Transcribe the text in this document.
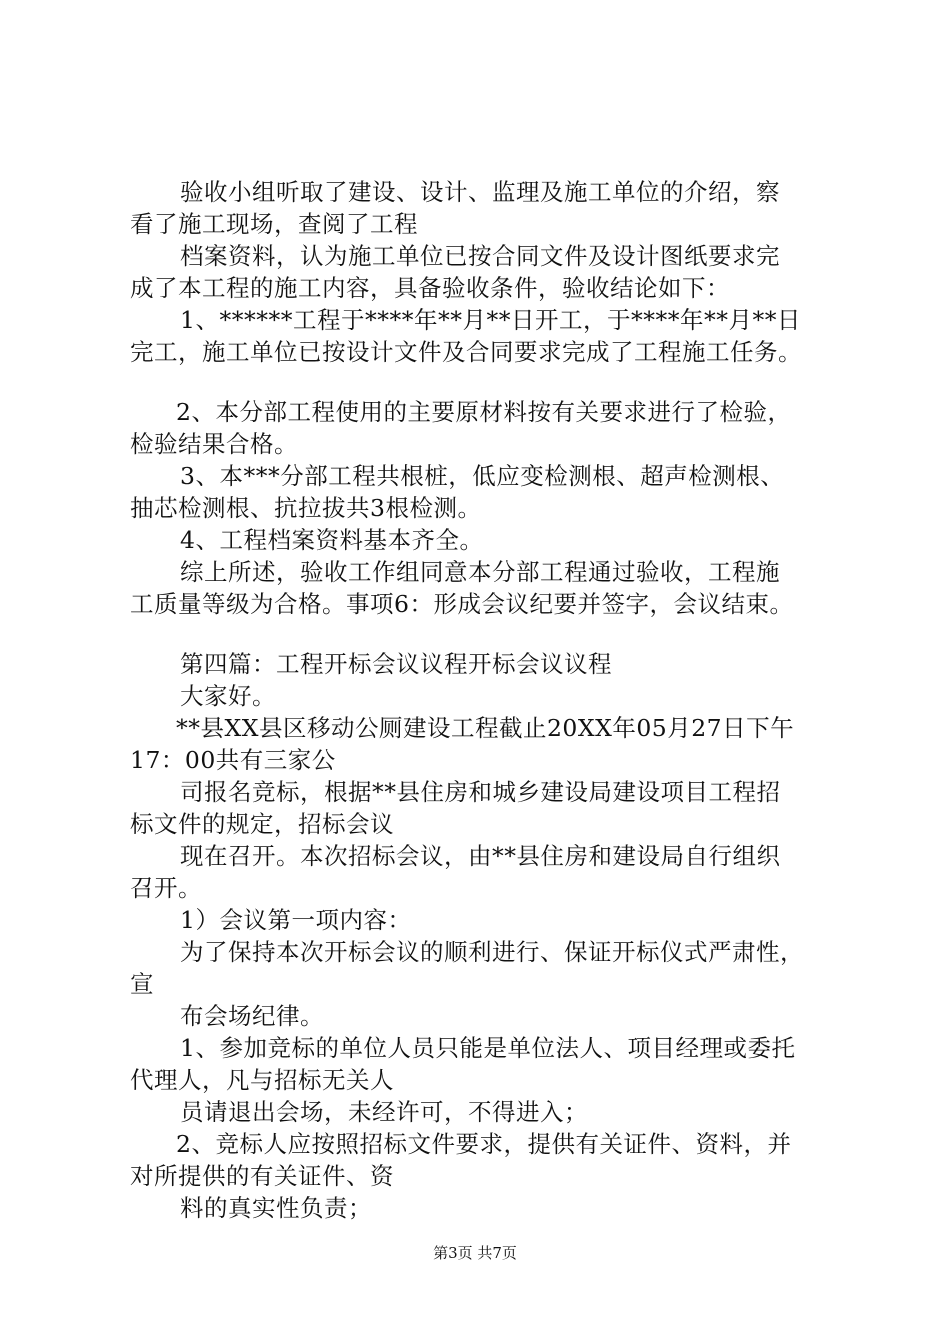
验收小组听取了建设、设计、监理及施工单位的介绍，察
看了施工现场，查阅了工程
档案资料，认为施工单位已按合同文件及设计图纸要求完
成了本工程的施工内容，具备验收条件，验收结论如下：
1、******工程于****年**月**日开工，于****年**月**日
完工，施工单位已按设计文件及合同要求完成了工程施工任务。
2、本分部工程使用的主要原材料按有关要求进行了检验，
检验结果合格。
3、本***分部工程共根桩，低应变检测根、超声检测根、
抽芯检测根、抗拉拔共3根检测。
4、工程档案资料基本齐全。
综上所述，验收工作组同意本分部工程通过验收，工程施
工质量等级为合格。事项6：形成会议纪要并签字，会议结束。
第四篇：工程开标会议议程开标会议议程
大家好。
**县XX县区移动公厕建设工程截止20XX年05月27日下午
17：00共有三家公
司报名竞标，根据**县住房和城乡建设局建设项目工程招
标文件的规定，招标会议
现在召开。本次招标会议，由**县住房和建设局自行组织
召开。
1）会议第一项内容：
为了保持本次开标会议的顺利进行、保证开标仪式严肃性，
宣
布会场纪律。
1、参加竞标的单位人员只能是单位法人、项目经理或委托
代理人，凡与招标无关人
员请退出会场，未经许可，不得进入；
2、竞标人应按照招标文件要求，提供有关证件、资料，并
对所提供的有关证件、资
料的真实性负责；
第3页 共7页
